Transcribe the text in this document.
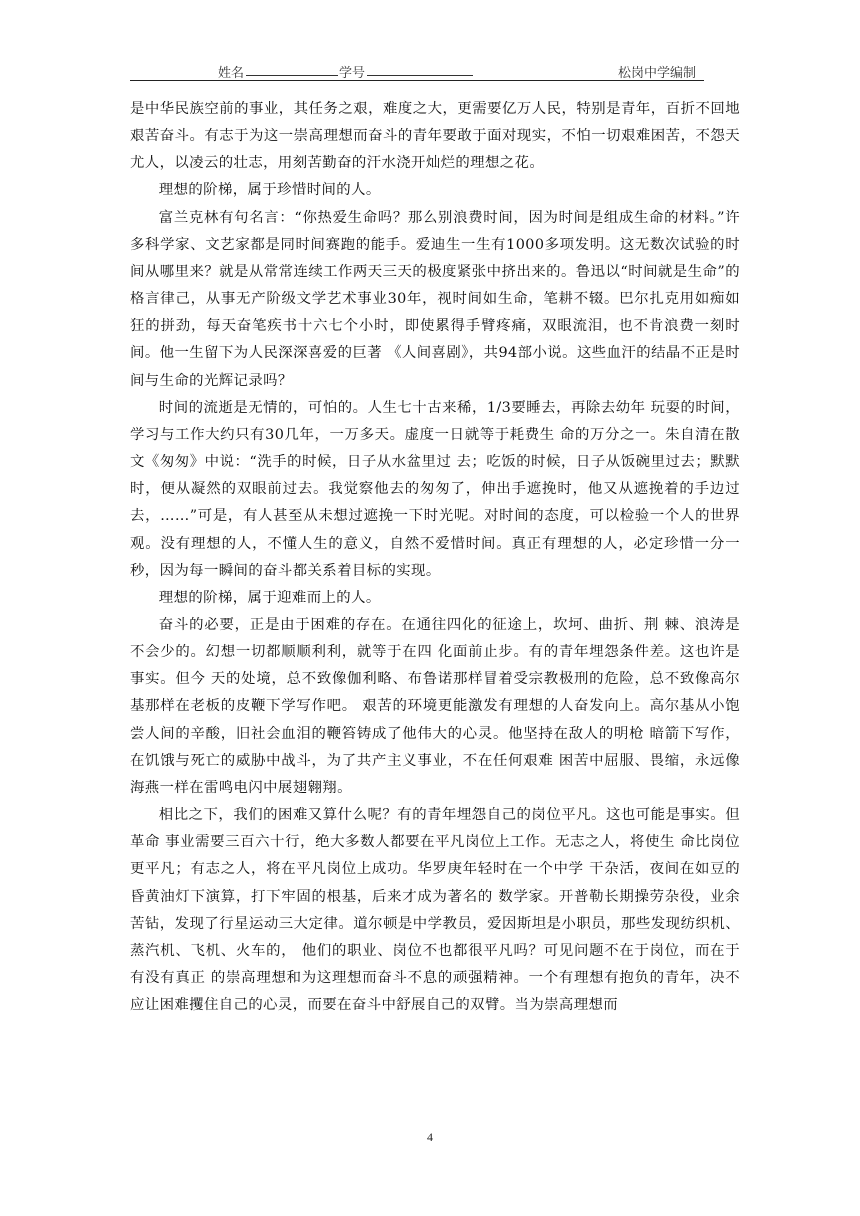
姓名	学号	松岗中学编制

是中华民族空前的事业，其任务之艰，难度之大，更需要亿万人民，特别是青年，百折不回地艰苦奋斗。有志于为这一崇高理想而奋斗的青年要敢于面对现实，不怕一切艰难困苦，不怨天尤人，以凌云的壮志，用刻苦勤奋的汗水浇开灿烂的理想之花。

理想的阶梯，属于珍惜时间的人。

富兰克林有句名言：“你热爱生命吗？那么别浪费时间，因为时间是组成生命的材料。”许多科学家、文艺家都是同时间赛跑的能手。爱迪生一生有1000多项发明。这无数次试验的时间从哪里来？就是从常常连续工作两天三天的极度紧张中挤出来的。鲁迅以“时间就是生命”的格言律己，从事无产阶级文学艺术事业30年，视时间如生命，笔耕不辍。巴尔扎克用如痴如狂的拼劲，每天奋笔疾书十六七个小时，即使累得手臂疼痛，双眼流泪，也不肯浪费一刻时间。他一生留下为人民深深喜爱的巨著 《人间喜剧》，共94部小说。这些血汗的结晶不正是时间与生命的光辉记录吗？

时间的流逝是无情的，可怕的。人生七十古来稀，1/3要睡去，再除去幼年 玩耍的时间，学习与工作大约只有30几年，一万多天。虚度一日就等于耗费生 命的万分之一。朱自清在散文《匆匆》中说：“洗手的时候，日子从水盆里过 去；吃饭的时候，日子从饭碗里过去；默默时，便从凝然的双眼前过去。我觉察他去的匆匆了，伸出手遮挽时，他又从遮挽着的手边过去，……”可是，有人甚至从未想过遮挽一下时光呢。对时间的态度，可以检验一个人的世界观。没有理想的人，不懂人生的意义，自然不爱惜时间。真正有理想的人，必定珍惜一分一秒，因为每一瞬间的奋斗都关系着目标的实现。

理想的阶梯，属于迎难而上的人。

奋斗的必要，正是由于困难的存在。在通往四化的征途上，坎坷、曲折、荆 棘、浪涛是不会少的。幻想一切都顺顺利利，就等于在四 化面前止步。有的青年埋怨条件差。这也许是事实。但今 天的处境，总不致像伽利略、布鲁诺那样冒着受宗教极刑的危险，总不致像高尔基那样在老板的皮鞭下学写作吧。 艰苦的环境更能激发有理想的人奋发向上。高尔基从小饱 尝人间的辛酸，旧社会血泪的鞭笞铸成了他伟大的心灵。他坚持在敌人的明枪 暗箭下写作，在饥饿与死亡的威胁中战斗，为了共产主义事业，不在任何艰难 困苦中屈服、畏缩，永远像海燕一样在雷鸣电闪中展翅翱翔。

相比之下，我们的困难又算什么呢？有的青年埋怨自己的岗位平凡。这也可能是事实。但革命 事业需要三百六十行，绝大多数人都要在平凡岗位上工作。无志之人，将使生 命比岗位更平凡；有志之人，将在平凡岗位上成功。华罗庚年轻时在一个中学 干杂活，夜间在如豆的昏黄油灯下演算，打下牢固的根基，后来才成为著名的 数学家。开普勒长期操劳杂役，业余苦钻，发现了行星运动三大定律。道尔顿是中学教员，爱因斯坦是小职员，那些发现纺织机、蒸汽机、飞机、火车的， 他们的职业、岗位不也都很平凡吗？可见问题不在于岗位，而在于有没有真正 的崇高理想和为这理想而奋斗不息的顽强精神。一个有理想有抱负的青年，决不应让困难攫住自己的心灵，而要在奋斗中舒展自己的双臂。当为崇高理想而

4
